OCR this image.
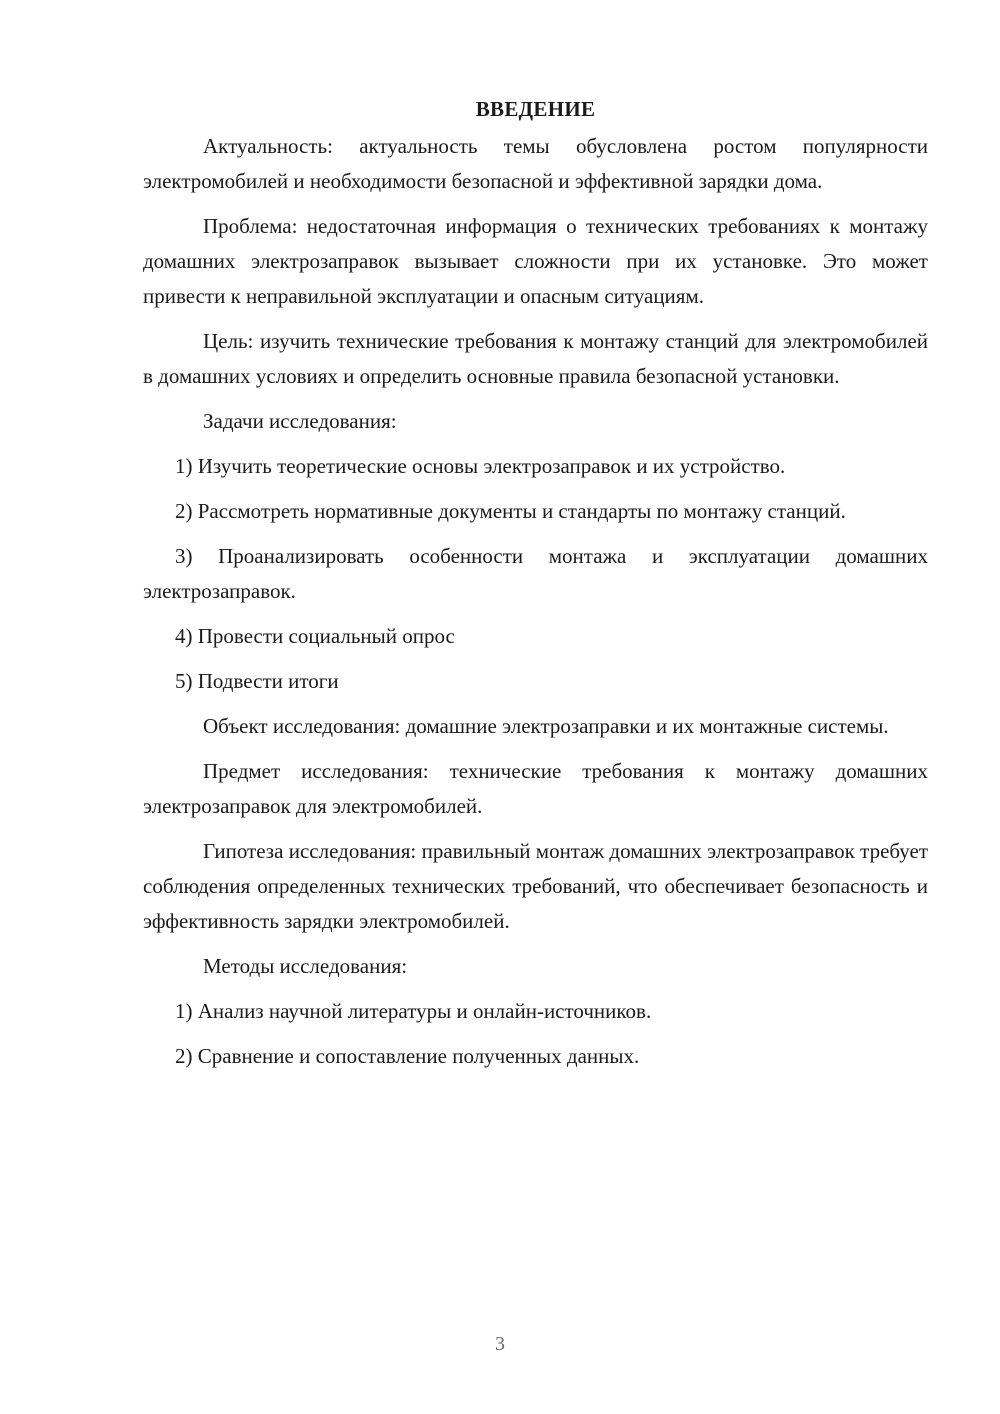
ВВЕДЕНИЕ

Актуальность: актуальность темы обусловлена ростом популярности электромобилей и необходимости безопасной и эффективной зарядки дома.

Проблема: недостаточная информация о технических требованиях к монтажу домашних электрозаправок вызывает сложности при их установке. Это может привести к неправильной эксплуатации и опасным ситуациям.

Цель: изучить технические требования к монтажу станций для электромобилей в домашних условиях и определить основные правила безопасной установки.

Задачи исследования:

1) Изучить теоретические основы электрозаправок и их устройство.

2) Рассмотреть нормативные документы и стандарты по монтажу станций.

3) Проанализировать особенности монтажа и эксплуатации домашних электрозаправок.

4) Провести социальный опрос

5) Подвести итоги

Объект исследования: домашние электрозаправки и их монтажные системы.

Предмет исследования: технические требования к монтажу домашних электрозаправок для электромобилей.

Гипотеза исследования: правильный монтаж домашних электрозаправок требует соблюдения определенных технических требований, что обеспечивает безопасность и эффективность зарядки электромобилей.

Методы исследования:

1) Анализ научной литературы и онлайн-источников.

2) Сравнение и сопоставление полученных данных.

3
